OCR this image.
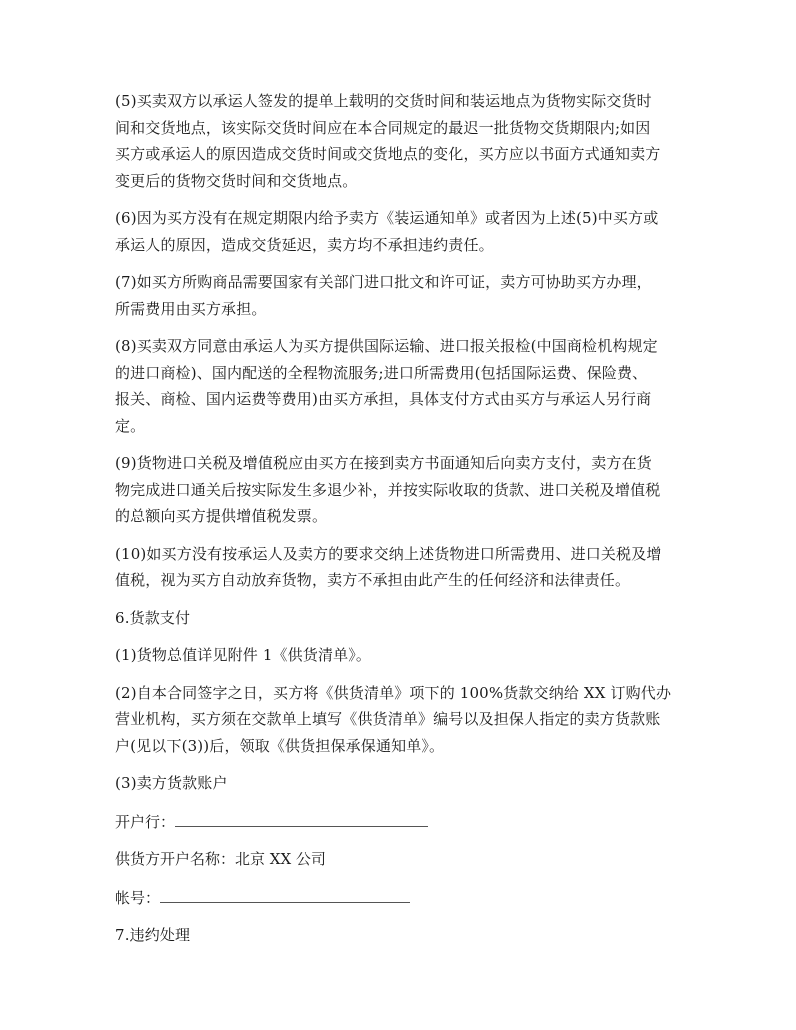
(5)买卖双方以承运人签发的提单上载明的交货时间和装运地点为货物实际交货时
间和交货地点，该实际交货时间应在本合同规定的最迟一批货物交货期限内;如因
买方或承运人的原因造成交货时间或交货地点的变化，买方应以书面方式通知卖方
变更后的货物交货时间和交货地点。
(6)因为买方没有在规定期限内给予卖方《装运通知单》或者因为上述(5)中买方或
承运人的原因，造成交货延迟，卖方均不承担违约责任。
(7)如买方所购商品需要国家有关部门进口批文和许可证，卖方可协助买方办理，
所需费用由买方承担。
(8)买卖双方同意由承运人为买方提供国际运输、进口报关报检(中国商检机构规定
的进口商检)、国内配送的全程物流服务;进口所需费用(包括国际运费、保险费、
报关、商检、国内运费等费用)由买方承担，具体支付方式由买方与承运人另行商
定。
(9)货物进口关税及增值税应由买方在接到卖方书面通知后向卖方支付，卖方在货
物完成进口通关后按实际发生多退少补，并按实际收取的货款、进口关税及增值税
的总额向买方提供增值税发票。
(10)如买方没有按承运人及卖方的要求交纳上述货物进口所需费用、进口关税及增
值税，视为买方自动放弃货物，卖方不承担由此产生的任何经济和法律责任。
6.货款支付
(1)货物总值详见附件 1《供货清单》。
(2)自本合同签字之日，买方将《供货清单》项下的 100%货款交纳给 XX 订购代办
营业机构，买方须在交款单上填写《供货清单》编号以及担保人指定的卖方货款账
户(见以下(3))后，领取《供货担保承保通知单》。
(3)卖方货款账户
开户行：
供货方开户名称：北京 XX 公司
帐号：
7.违约处理
